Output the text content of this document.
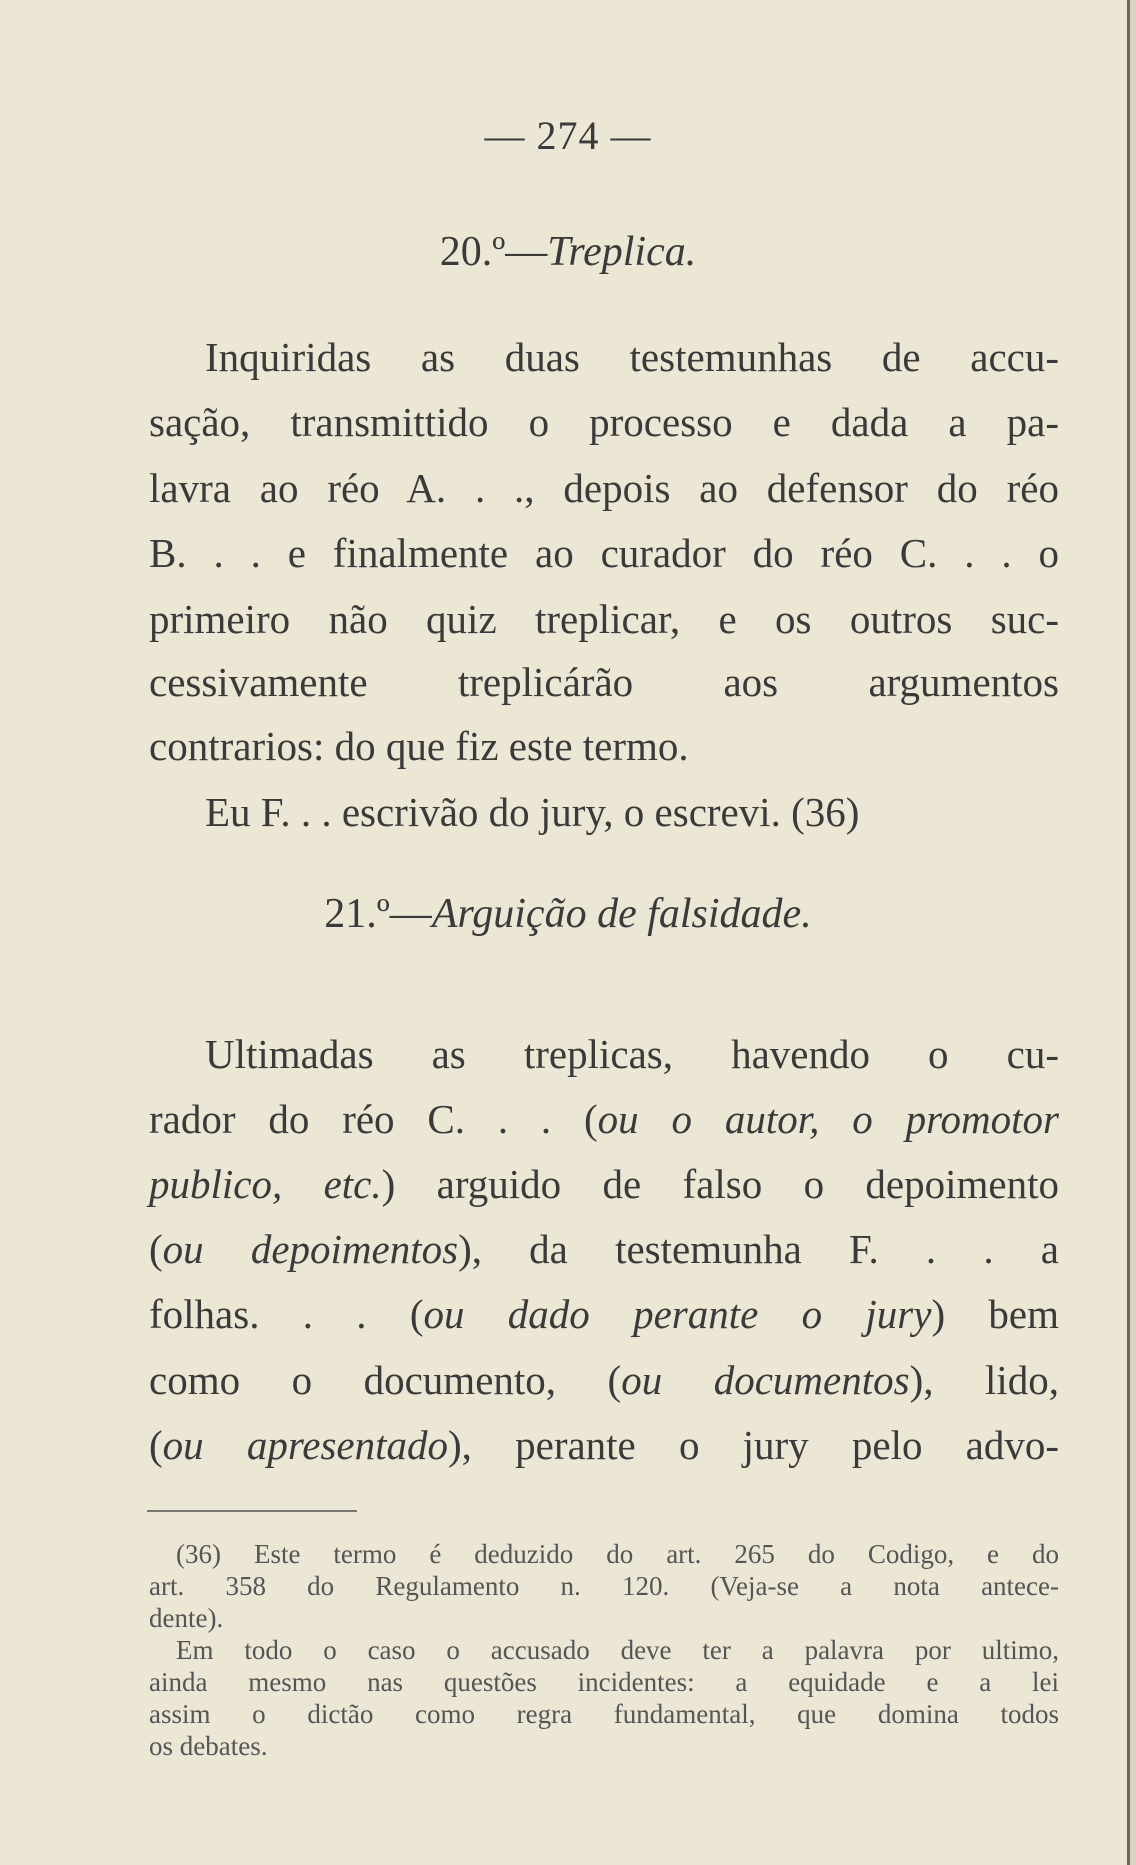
— 274 —
20.º—Treplica.
Inquiridas as duas testemunhas de accu-
sação, transmittido o processo e dada a pa-
lavra ao réo A. . ., depois ao defensor do réo
B. . . e finalmente ao curador do réo C. . . o
primeiro não quiz treplicar, e os outros suc-
cessivamente treplicárão aos argumentos
contrarios: do que fiz este termo.
Eu F. . . escrivão do jury, o escrevi. (36)
21.º—Arguição de falsidade.
Ultimadas as treplicas, havendo o cu-
rador do réo C. . . (ou o autor, o promotor
publico, etc.) arguido de falso o depoimento
(ou depoimentos), da testemunha F. . . a
folhas. . . (ou dado perante o jury) bem
como o documento, (ou documentos), lido,
(ou apresentado), perante o jury pelo advo-
(36) Este termo é deduzido do art. 265 do Codigo, e do
art. 358 do Regulamento n. 120. (Veja-se a nota antece-
dente).
Em todo o caso o accusado deve ter a palavra por ultimo,
ainda mesmo nas questões incidentes: a equidade e a lei
assim o dictão como regra fundamental, que domina todos
os debates.
